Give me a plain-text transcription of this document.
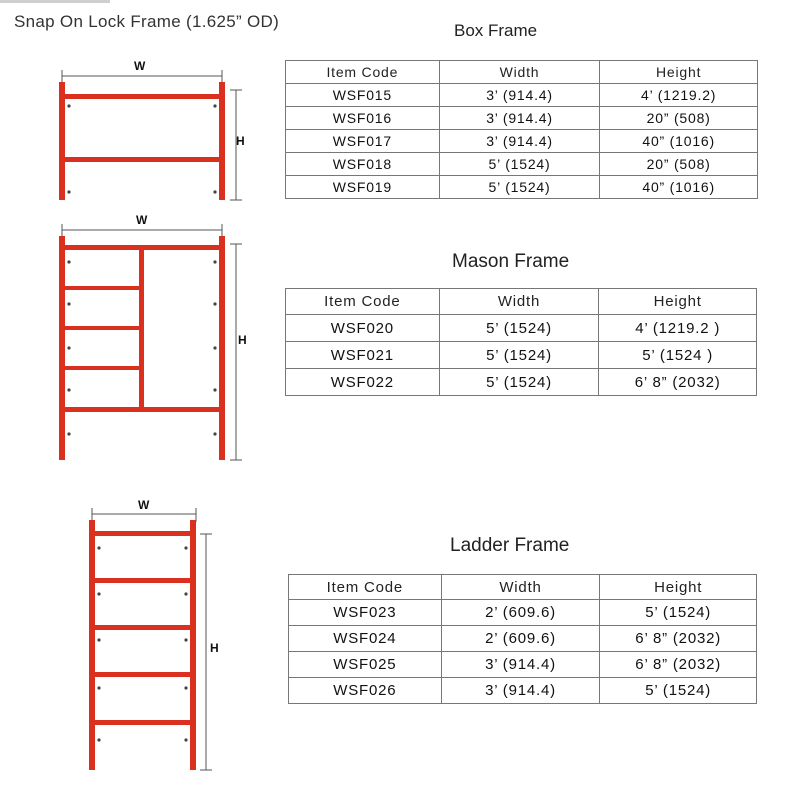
Snap On Lock Frame (1.625” OD)
W
H
W
H
W
H
Box Frame
Item Code	Width	Height
WSF015	3’ (914.4)	4’ (1219.2)
WSF016	3’ (914.4)	20” (508)
WSF017	3’ (914.4)	40” (1016)
WSF018	5’ (1524)	20” (508)
WSF019	5’ (1524)	40” (1016)
Mason Frame
Item Code	Width	Height
WSF020	5’ (1524)	4’ (1219.2 )
WSF021	5’ (1524)	5’ (1524 )
WSF022	5’ (1524)	6’ 8” (2032)
Ladder Frame
Item Code	Width	Height
WSF023	2’ (609.6)	5’ (1524)
WSF024	2’ (609.6)	6’ 8” (2032)
WSF025	3’ (914.4)	6’ 8” (2032)
WSF026	3’ (914.4)	5’ (1524)
